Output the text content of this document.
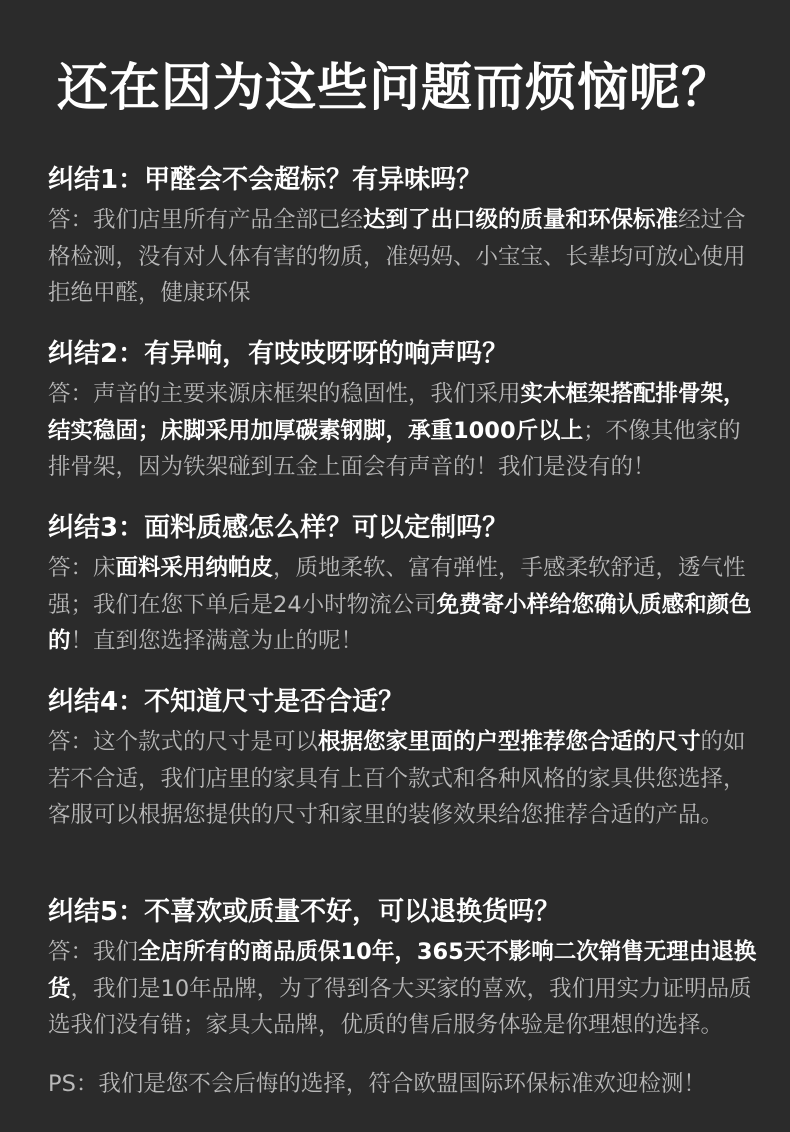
还在因为这些问题而烦恼呢？
纠结1：甲醛会不会超标？有异味吗？
答：我们店里所有产品全部已经达到了出口级的质量和环保标准经过合格检测，没有对人体有害的物质，准妈妈、小宝宝、长辈均可放心使用拒绝甲醛，健康环保
纠结2：有异响，有吱吱呀呀的响声吗？
答：声音的主要来源床框架的稳固性，我们采用实木框架搭配排骨架，结实稳固；床脚采用加厚碳素钢脚，承重1000斤以上；不像其他家的排骨架，因为铁架碰到五金上面会有声音的！我们是没有的！
纠结3：面料质感怎么样？可以定制吗？
答：床面料采用纳帕皮，质地柔软、富有弹性，手感柔软舒适，透气性强；我们在您下单后是24小时物流公司免费寄小样给您确认质感和颜色的！直到您选择满意为止的呢！
纠结4：不知道尺寸是否合适？
答：这个款式的尺寸是可以根据您家里面的户型推荐您合适的尺寸的如若不合适，我们店里的家具有上百个款式和各种风格的家具供您选择，客服可以根据您提供的尺寸和家里的装修效果给您推荐合适的产品。
纠结5：不喜欢或质量不好，可以退换货吗？
答：我们全店所有的商品质保10年，365天不影响二次销售无理由退换货，我们是10年品牌，为了得到各大买家的喜欢，我们用实力证明品质选我们没有错；家具大品牌，优质的售后服务体验是你理想的选择。
PS：我们是您不会后悔的选择，符合欧盟国际环保标准欢迎检测！
